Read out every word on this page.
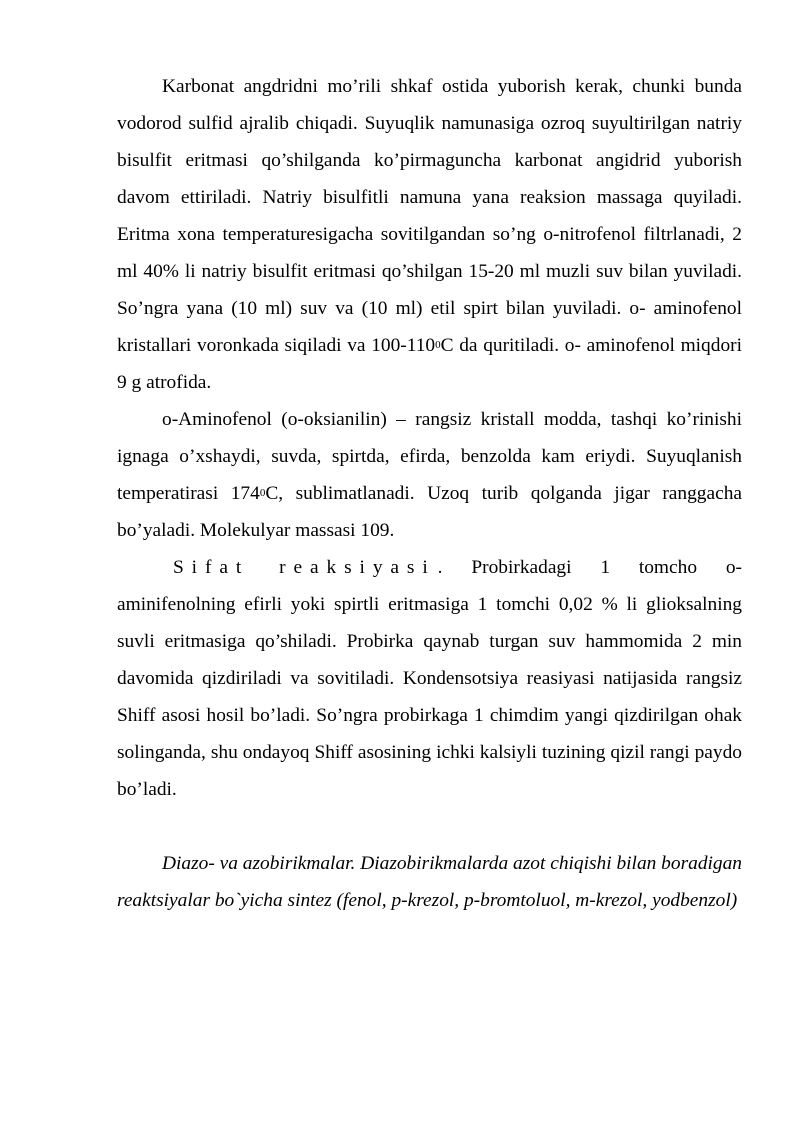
Karbonat angdridni mo’rili shkaf ostida yuborish kerak, chunki bunda vodorod sulfid ajralib chiqadi. Suyuqlik namunasiga ozroq suyultirilgan natriy bisulfit eritmasi qo’shilganda ko’pirmaguncha karbonat angidrid yuborish davom ettiriladi. Natriy bisulfitli namuna yana reaksion massaga quyiladi. Eritma xona temperaturesigacha sovitilgandan so’ng o-nitrofenol filtrlanadi, 2 ml 40% li natriy bisulfit eritmasi qo’shilgan 15-20 ml muzli suv bilan yuviladi. So’ngra yana (10 ml) suv va (10 ml) etil spirt bilan yuviladi. o- aminofenol kristallari voronkada siqiladi va $100-110^0C$ da quritiladi. o- aminofenol miqdori 9 g atrofida.

o-Aminofenol (o-oksianilin) – rangsiz kristall modda, tashqi ko’rinishi ignaga o’xshaydi, suvda, spirtda, efirda, benzolda kam eriydi. Suyuqlanish temperatirasi $174^0C$, sublimatlanadi. Uzoq turib qolganda jigar ranggacha bo’yaladi. Molekulyar massasi 109.

Sifat reaksiyasi . Probirkadagi 1 tomcho o-aminifenolning efirli yoki spirtli eritmasiga 1 tomchi 0,02 % li glioksalning suvli eritmasiga qo’shiladi. Probirka qaynab turgan suv hammomida 2 min davomida qizdiriladi va sovitiladi. Kondensotsiya reasiyasi natijasida rangsiz Shiff asosi hosil bo’ladi. So’ngra probirkaga 1 chimdim yangi qizdirilgan ohak solinganda, shu ondayoq Shiff asosining ichki kalsiyli tuzining qizil rangi paydo bo’ladi.

Diazo- va azobirikmalar. Diazobirikmalarda azot chiqishi bilan boradigan reaktsiyalar bo`yicha sintez (fenol, p-krezol, p-bromtoluol, m-krezol, yodbenzol)
